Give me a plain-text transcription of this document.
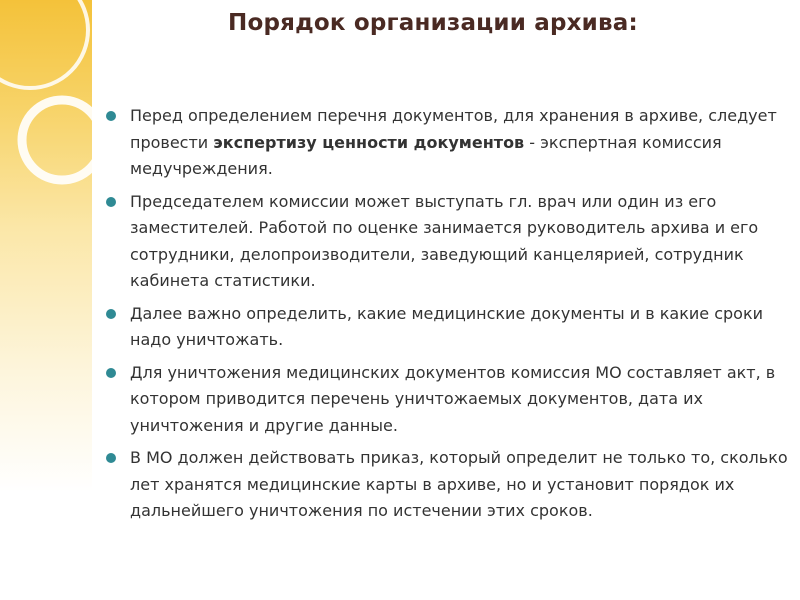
Порядок организации архива:
Перед определением перечня документов, для хранения в архиве, следует провести экспертизу ценности документов - экспертная комиссия медучреждения.
Председателем комиссии может выступать гл. врач или один из его заместителей. Работой по оценке занимается руководитель архива и его сотрудники, делопроизводители, заведующий канцелярией, сотрудник кабинета статистики.
Далее важно определить, какие медицинские документы и в какие сроки надо уничтожать.
Для уничтожения медицинских документов комиссия МО составляет акт, в котором приводится перечень уничтожаемых документов, дата их уничтожения и другие данные.
В МО должен действовать приказ, который определит не только то, сколько лет хранятся медицинские карты в архиве, но и установит порядок их дальнейшего уничтожения по истечении этих сроков.
